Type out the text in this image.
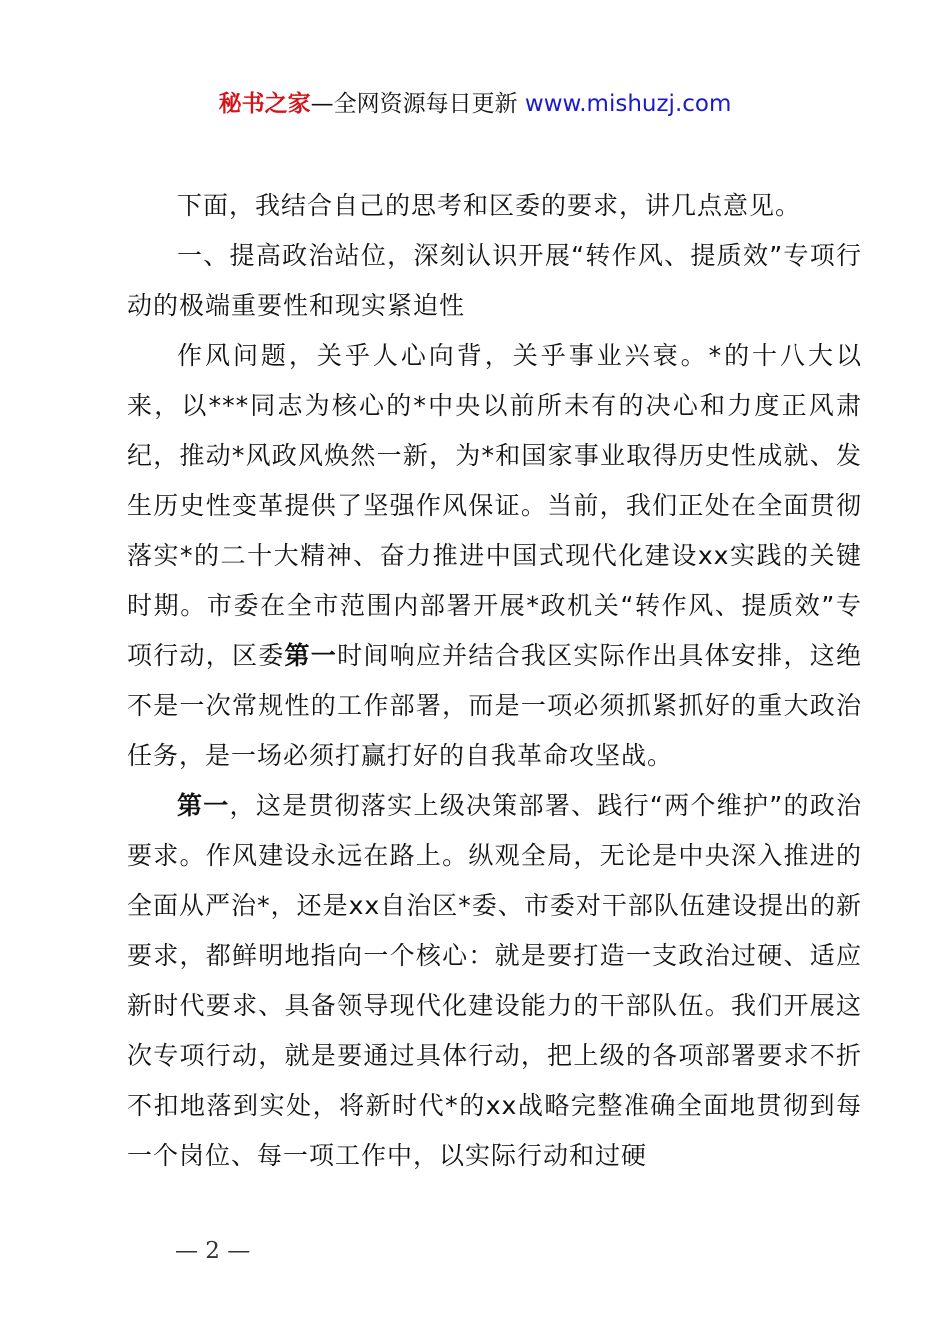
秘书之家—全网资源每日更新 www.mishuzj.com

下面，我结合自己的思考和区委的要求，讲几点意见。

一、提高政治站位，深刻认识开展“转作风、提质效”专项行动的极端重要性和现实紧迫性

作风问题，关乎人心向背，关乎事业兴衰。*的十八大以来，以***同志为核心的*中央以前所未有的决心和力度正风肃纪，推动*风政风焕然一新，为*和国家事业取得历史性成就、发生历史性变革提供了坚强作风保证。当前，我们正处在全面贯彻落实*的二十大精神、奋力推进中国式现代化建设xx实践的关键时期。市委在全市范围内部署开展*政机关“转作风、提质效”专项行动，区委第一时间响应并结合我区实际作出具体安排，这绝不是一次常规性的工作部署，而是一项必须抓紧抓好的重大政治任务，是一场必须打赢打好的自我革命攻坚战。

第一，这是贯彻落实上级决策部署、践行“两个维护”的政治要求。作风建设永远在路上。纵观全局，无论是中央深入推进的全面从严治*，还是xx自治区*委、市委对干部队伍建设提出的新要求，都鲜明地指向一个核心：就是要打造一支政治过硬、适应新时代要求、具备领导现代化建设能力的干部队伍。我们开展这次专项行动，就是要通过具体行动，把上级的各项部署要求不折不扣地落到实处，将新时代*的xx战略完整准确全面地贯彻到每一个岗位、每一项工作中，以实际行动和过硬

— 2 —
